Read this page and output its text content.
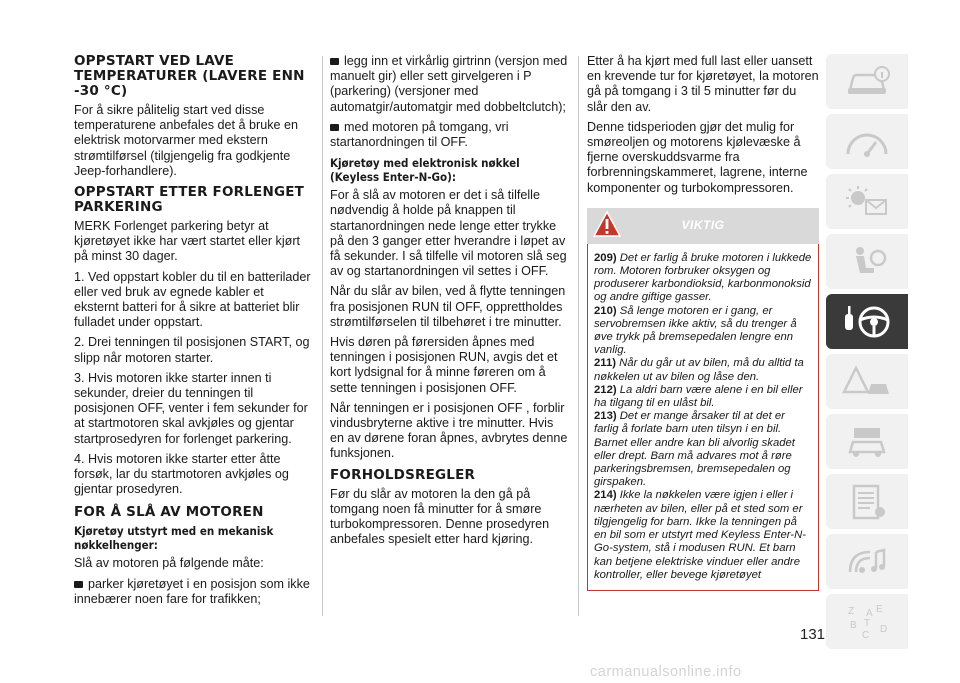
OPPSTART VED LAVE TEMPERATURER (LAVERE ENN -30 °C)

For å sikre pålitelig start ved disse temperaturene anbefales det å bruke en elektrisk motorvarmer med ekstern strømtilførsel (tilgjengelig fra godkjente Jeep-forhandlere).

OPPSTART ETTER FORLENGET PARKERING

MERK Forlenget parkering betyr at kjøretøyet ikke har vært startet eller kjørt på minst 30 dager.

1. Ved oppstart kobler du til en batterilader eller ved bruk av egnede kabler et eksternt batteri for å sikre at batteriet blir fulladet under oppstart.

2. Drei tenningen til posisjonen START, og slipp når motoren starter.

3. Hvis motoren ikke starter innen ti sekunder, dreier du tenningen til posisjonen OFF, venter i fem sekunder for at startmotoren skal avkjøles og gjentar startprosedyren for forlenget parkering.

4. Hvis motoren ikke starter etter åtte forsøk, lar du startmotoren avkjøles og gjentar prosedyren.

FOR Å SLÅ AV MOTOREN
Kjøretøy utstyrt med en mekanisk nøkkelhenger:

Slå av motoren på følgende måte:

parker kjøretøyet i en posisjon som ikke innebærer noen fare for trafikken;

legg inn et virkårlig girtrinn (versjon med manuelt gir) eller sett girvelgeren i P (parkering) (versjoner med automatgir/automatgir med dobbeltclutch);

med motoren på tomgang, vri startanordningen til OFF.

Kjøretøy med elektronisk nøkkel (Keyless Enter-N-Go):

For å slå av motoren er det i så tilfelle nødvendig å holde på knappen til startanordningen nede lenge etter trykke på den 3 ganger etter hverandre i løpet av få sekunder. I så tilfelle vil motoren slå seg av og startanordningen vil settes i OFF.

Når du slår av bilen, ved å flytte tenningen fra posisjonen RUN til OFF, opprettholdes strømtilførselen til tilbehøret i tre minutter.

Hvis døren på førersiden åpnes med tenningen i posisjonen RUN, avgis det et kort lydsignal for å minne føreren om å sette tenningen i posisjonen OFF.

Når tenningen er i posisjonen OFF , forblir vindusbryterne aktive i tre minutter. Hvis en av dørene foran åpnes, avbrytes denne funksjonen.

FORHOLDSREGLER

Før du slår av motoren la den gå på tomgang noen få minutter for å smøre turbokompressoren. Denne prosedyren anbefales spesielt etter hard kjøring.

Etter å ha kjørt med full last eller uansett en krevende tur for kjøretøyet, la motoren gå på tomgang i 3 til 5 minutter før du slår den av.

Denne tidsperioden gjør det mulig for smøreoljen og motorens kjølevæske å fjerne overskuddsvarme fra forbrenningskammeret, lagrene, interne komponenter og turbokompressoren.

VIKTIG

209) Det er farlig å bruke motoren i lukkede rom. Motoren forbruker oksygen og produserer karbondioksid, karbonmonoksid og andre giftige gasser.

210) Så lenge motoren er i gang, er servobremsen ikke aktiv, så du trenger å øve trykk på bremsepedalen lengre enn vanlig.

211) Når du går ut av bilen, må du alltid ta nøkkelen ut av bilen og låse den.

212) La aldri barn være alene i en bil eller ha tilgang til en ulåst bil.

213) Det er mange årsaker til at det er farlig å forlate barn uten tilsyn i en bil. Barnet eller andre kan bli alvorlig skadet eller drept. Barn må advares mot å røre parkeringsbremsen, bremsepedalen og girspaken.

214) Ikke la nøkkelen være igjen i eller i nærheten av bilen, eller på et sted som er tilgjengelig for barn. Ikke la tenningen på en bil som er utstyrt med Keyless Enter-N-Go-system, stå i modusen RUN. Et barn kan betjene elektriske vinduer eller andre kontroller, eller bevege kjøretøyet

Z E
B
C
T
D
A
131
carmanualsonline.info
